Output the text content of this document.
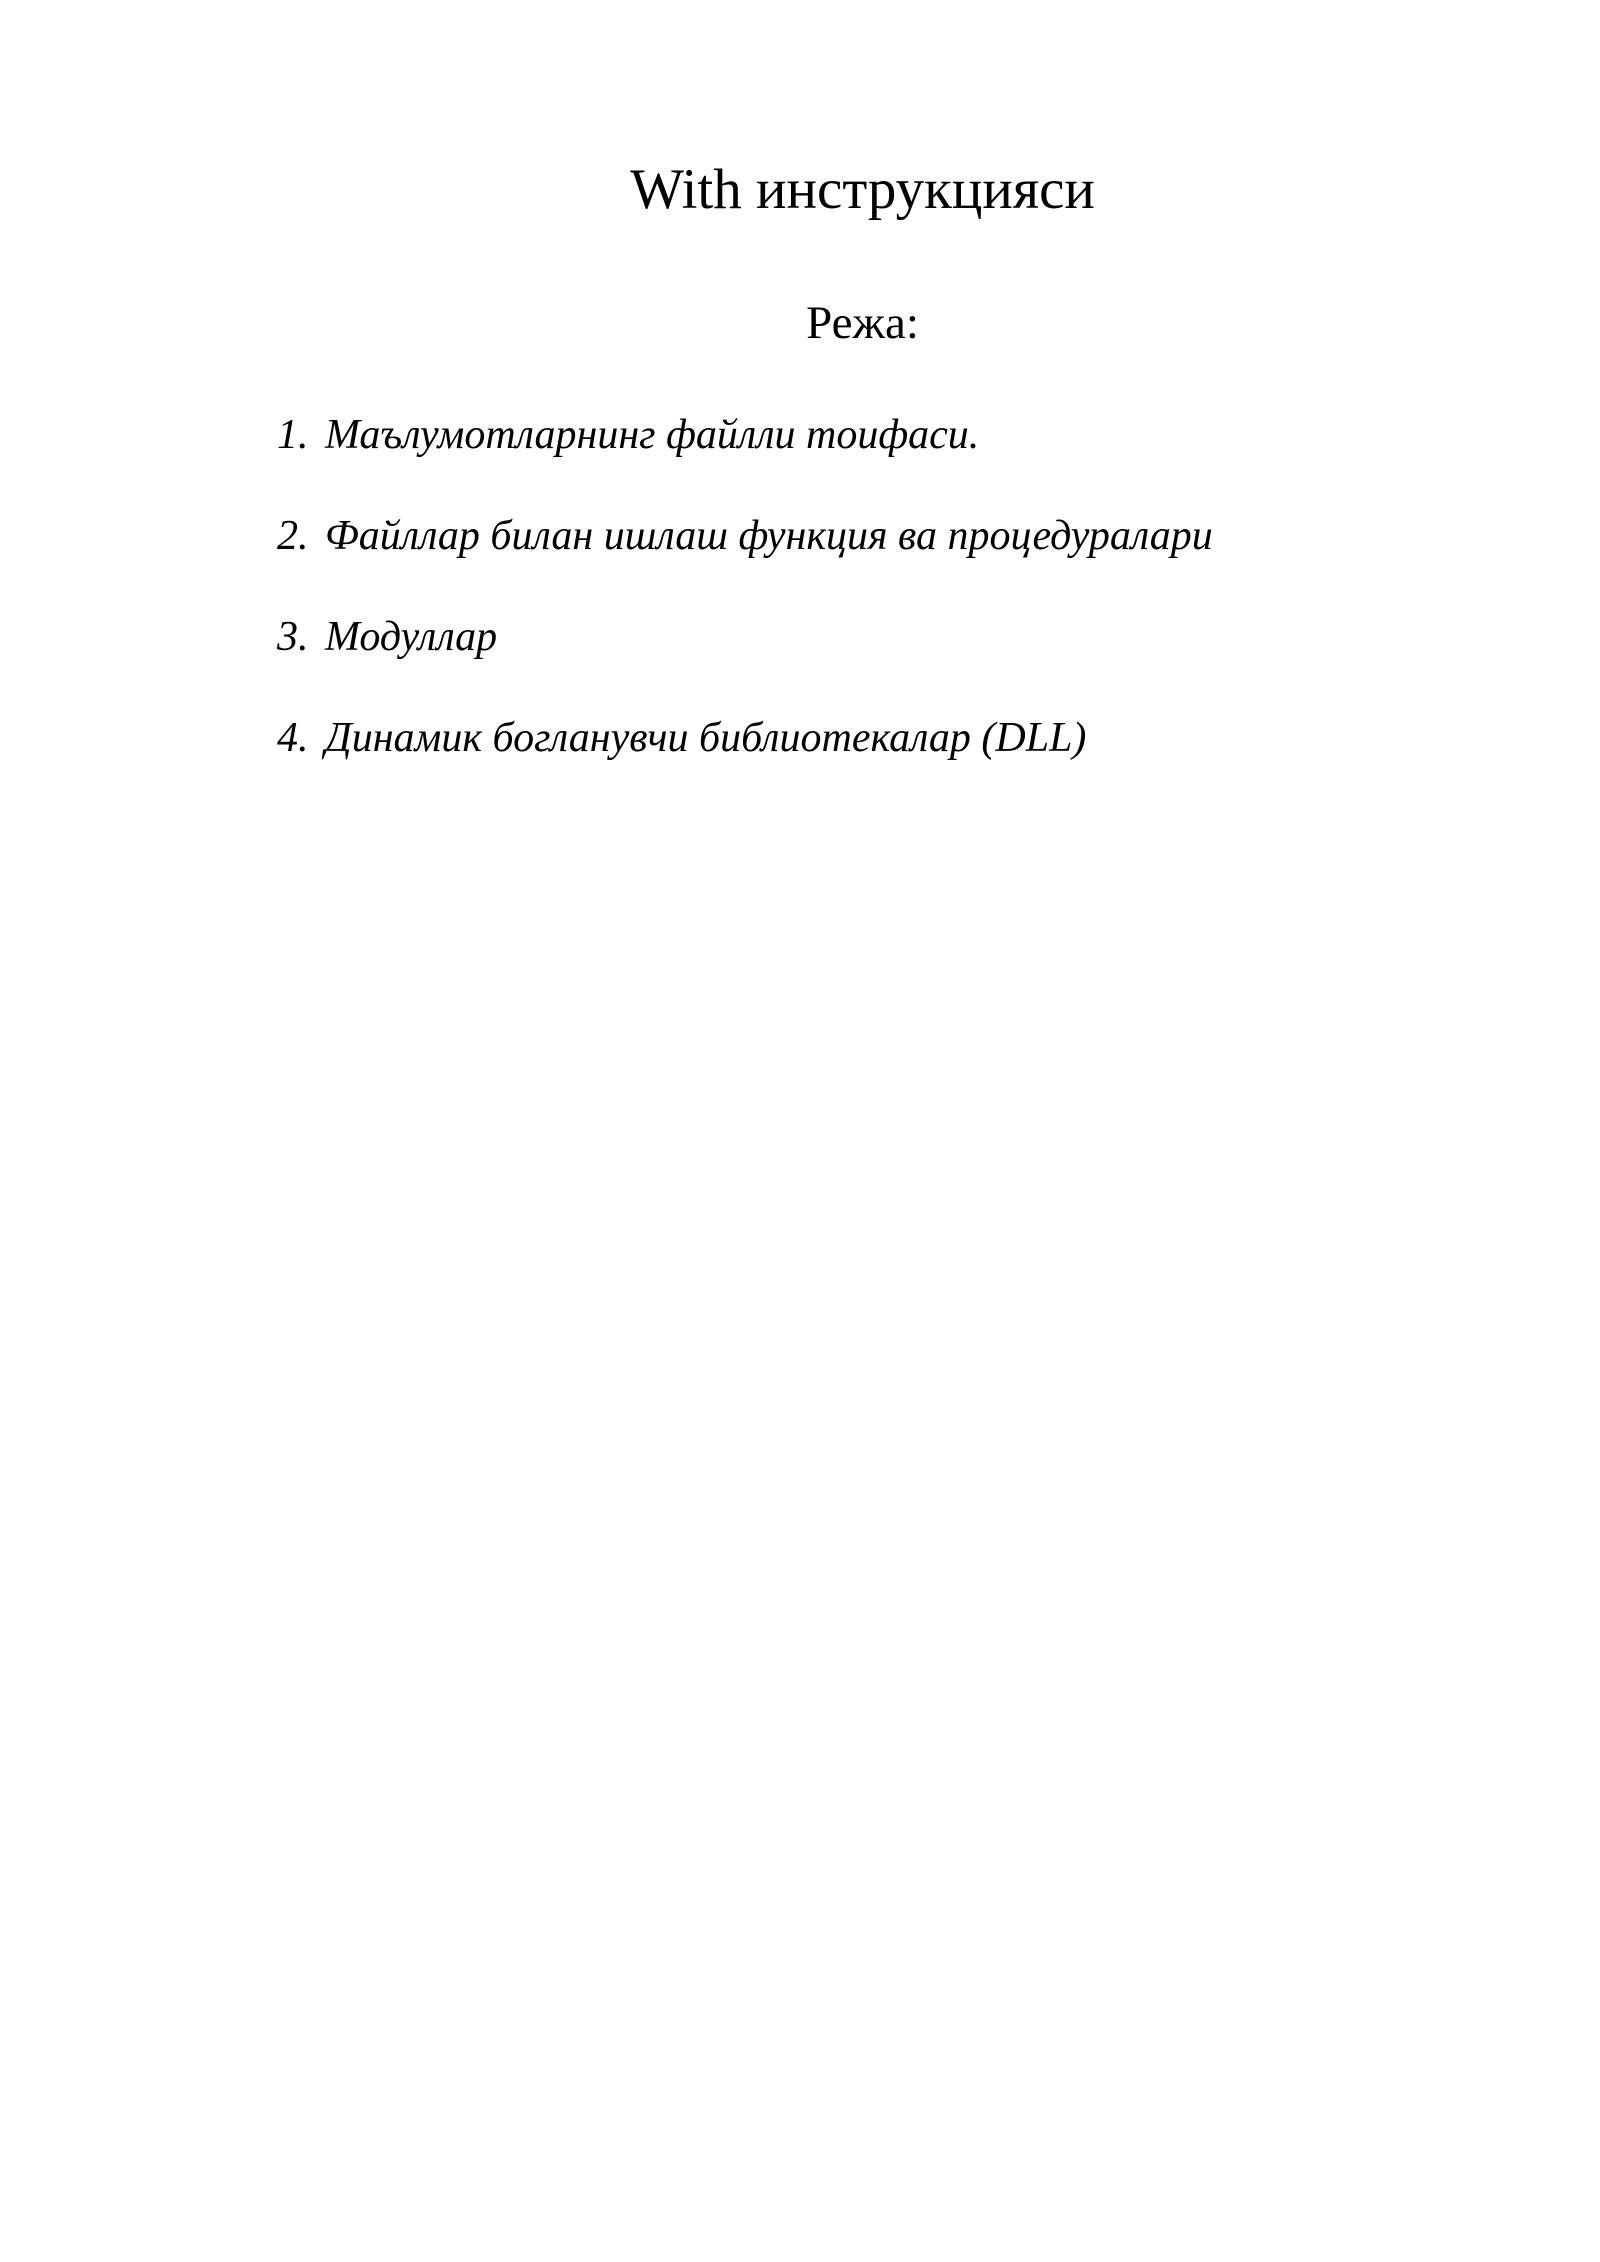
With инструкцияси
Режа:
1. Маълумотларнинг файлли тоифаси.
2. Файллар билан ишлаш функция ва процедуралари
3. Модуллар
4. Динамик богланувчи библиотекалар (DLL)
